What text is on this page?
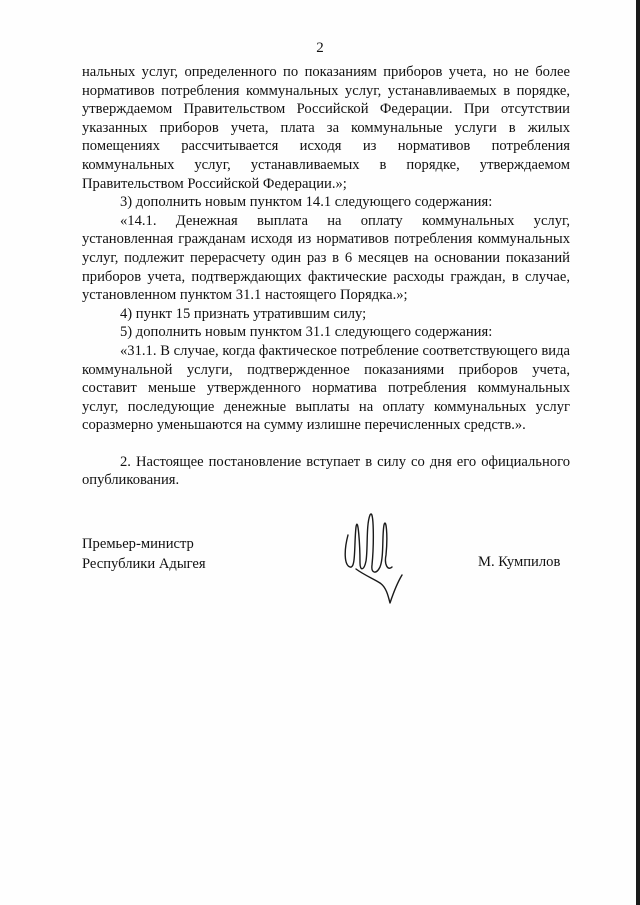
2

нальных услуг, определенного по показаниям приборов учета, но не более нормативов потребления коммунальных услуг, устанавливаемых в порядке, утверждаемом Правительством Российской Федерации. При отсутствии указанных приборов учета, плата за коммунальные услуги в жилых помещениях рассчитывается исходя из нормативов потребления коммунальных услуг, устанавливаемых в порядке, утверждаемом Правительством Российской Федерации.»;

3) дополнить новым пунктом 14.1 следующего содержания:

«14.1. Денежная выплата на оплату коммунальных услуг, установленная гражданам исходя из нормативов потребления коммунальных услуг, подлежит перерасчету один раз в 6 месяцев на основании показаний приборов учета, подтверждающих фактические расходы граждан, в случае, установленном пунктом 31.1 настоящего Порядка.»;

4) пункт 15 признать утратившим силу;

5) дополнить новым пунктом 31.1 следующего содержания:

«31.1. В случае, когда фактическое потребление соответствующего вида коммунальной услуги, подтвержденное показаниями приборов учета, составит меньше утвержденного норматива потребления коммунальных услуг, последующие денежные выплаты на оплату коммунальных услуг соразмерно уменьшаются на сумму излишне перечисленных средств.».

2. Настоящее постановление вступает в силу со дня его официального опубликования.

Премьер-министр
Республики Адыгея	М. Кумпилов
